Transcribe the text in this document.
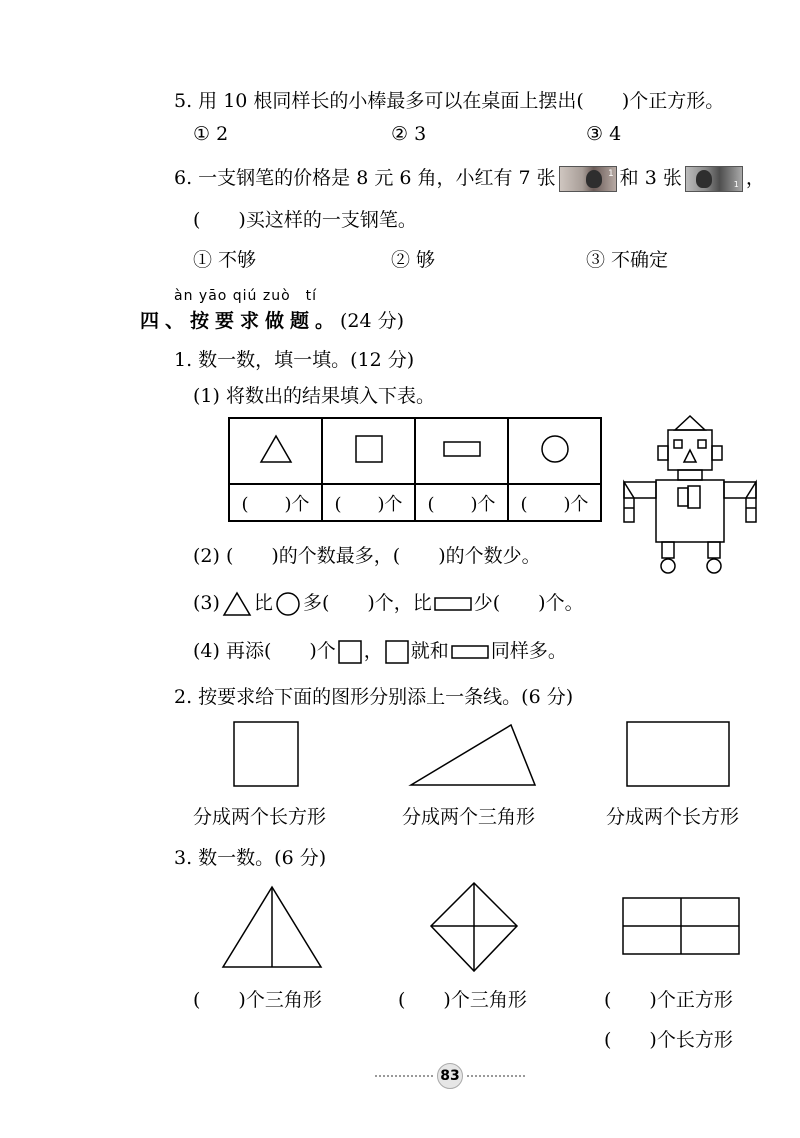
5. 用 10 根同样长的小棒最多可以在桌面上摆出(　　)个正方形。
① 2	② 3	③ 4
6. 一支钢笔的价格是 8 元 6 角，小红有 7 张	1 和 3 张	1 ，
(　　)买这样的一支钢笔。
① 不够	② 够	③ 不确定
àn yāo qiú zuò　tí
四、按要求做题。(24 分)
1. 数一数，填一填。(12 分)
(1) 将数出的结果填入下表。

(　　)个	(　　)个	(　　)个	(　　)个
(2) (　　)的个数最多，(　　)的个数少。
(3) 比 多(　　)个，比 少(　　)个。
(4) 再添(　　)个 ， 就和 同样多。
2. 按要求给下面的图形分别添上一条线。(6 分)
分成两个长方形	分成两个三角形	分成两个长方形
3. 数一数。(6 分)
(　　)个三角形	(　　)个三角形	(　　)个正方形
(　　)个长方形
83
